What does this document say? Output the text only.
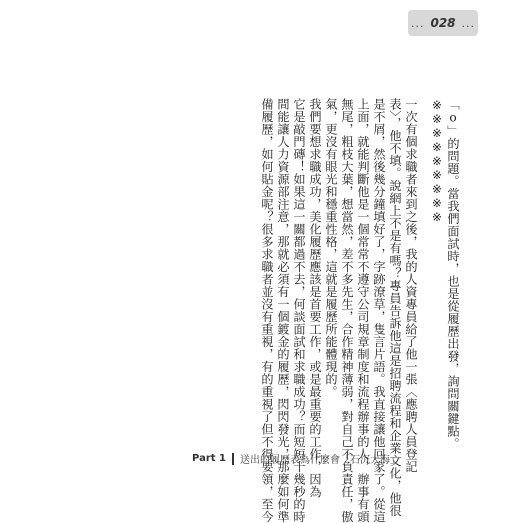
... 028 ...
「o」的問題。當我們面試時，也是從履歷出發，詢問關鍵點。
※※※※※※※※※
一次有個求職者來到之後，我的人資專員給了他一張〈應聘人員登記
表〉，他不填。說網上不是有嗎？專員告訴他這是招聘流程和企業文化，他很
是不屑，然後幾分鐘填好了，字跡潦草，隻言片語。我直接讓他回家了。從這
上面，就能判斷他是一個常常不遵守公司規章制度和流程辦事的人，辦事有頭
無尾，粗枝大葉，想當然，差不多先生，合作精神薄弱，對自己不負責任，傲
氣，更沒有眼光和穩重性格，這就是履歷所能體現的。
我們要想求職成功，美化履歷應該是首要工作，或是最重要的工作，因為
它是敲門磚！如果這一關都過不去，何談面試和求職成功？而短短十幾秒的時
間能讓人力資源部注意，那就必須有一個鍍金的履歷，閃閃發光，那麼如何準
備履歷，如何貼金呢？很多求職者並沒有重視，有的重視了但不得要領，至今
Part 1 送出的履歷表為什麼會「石沉大海」
